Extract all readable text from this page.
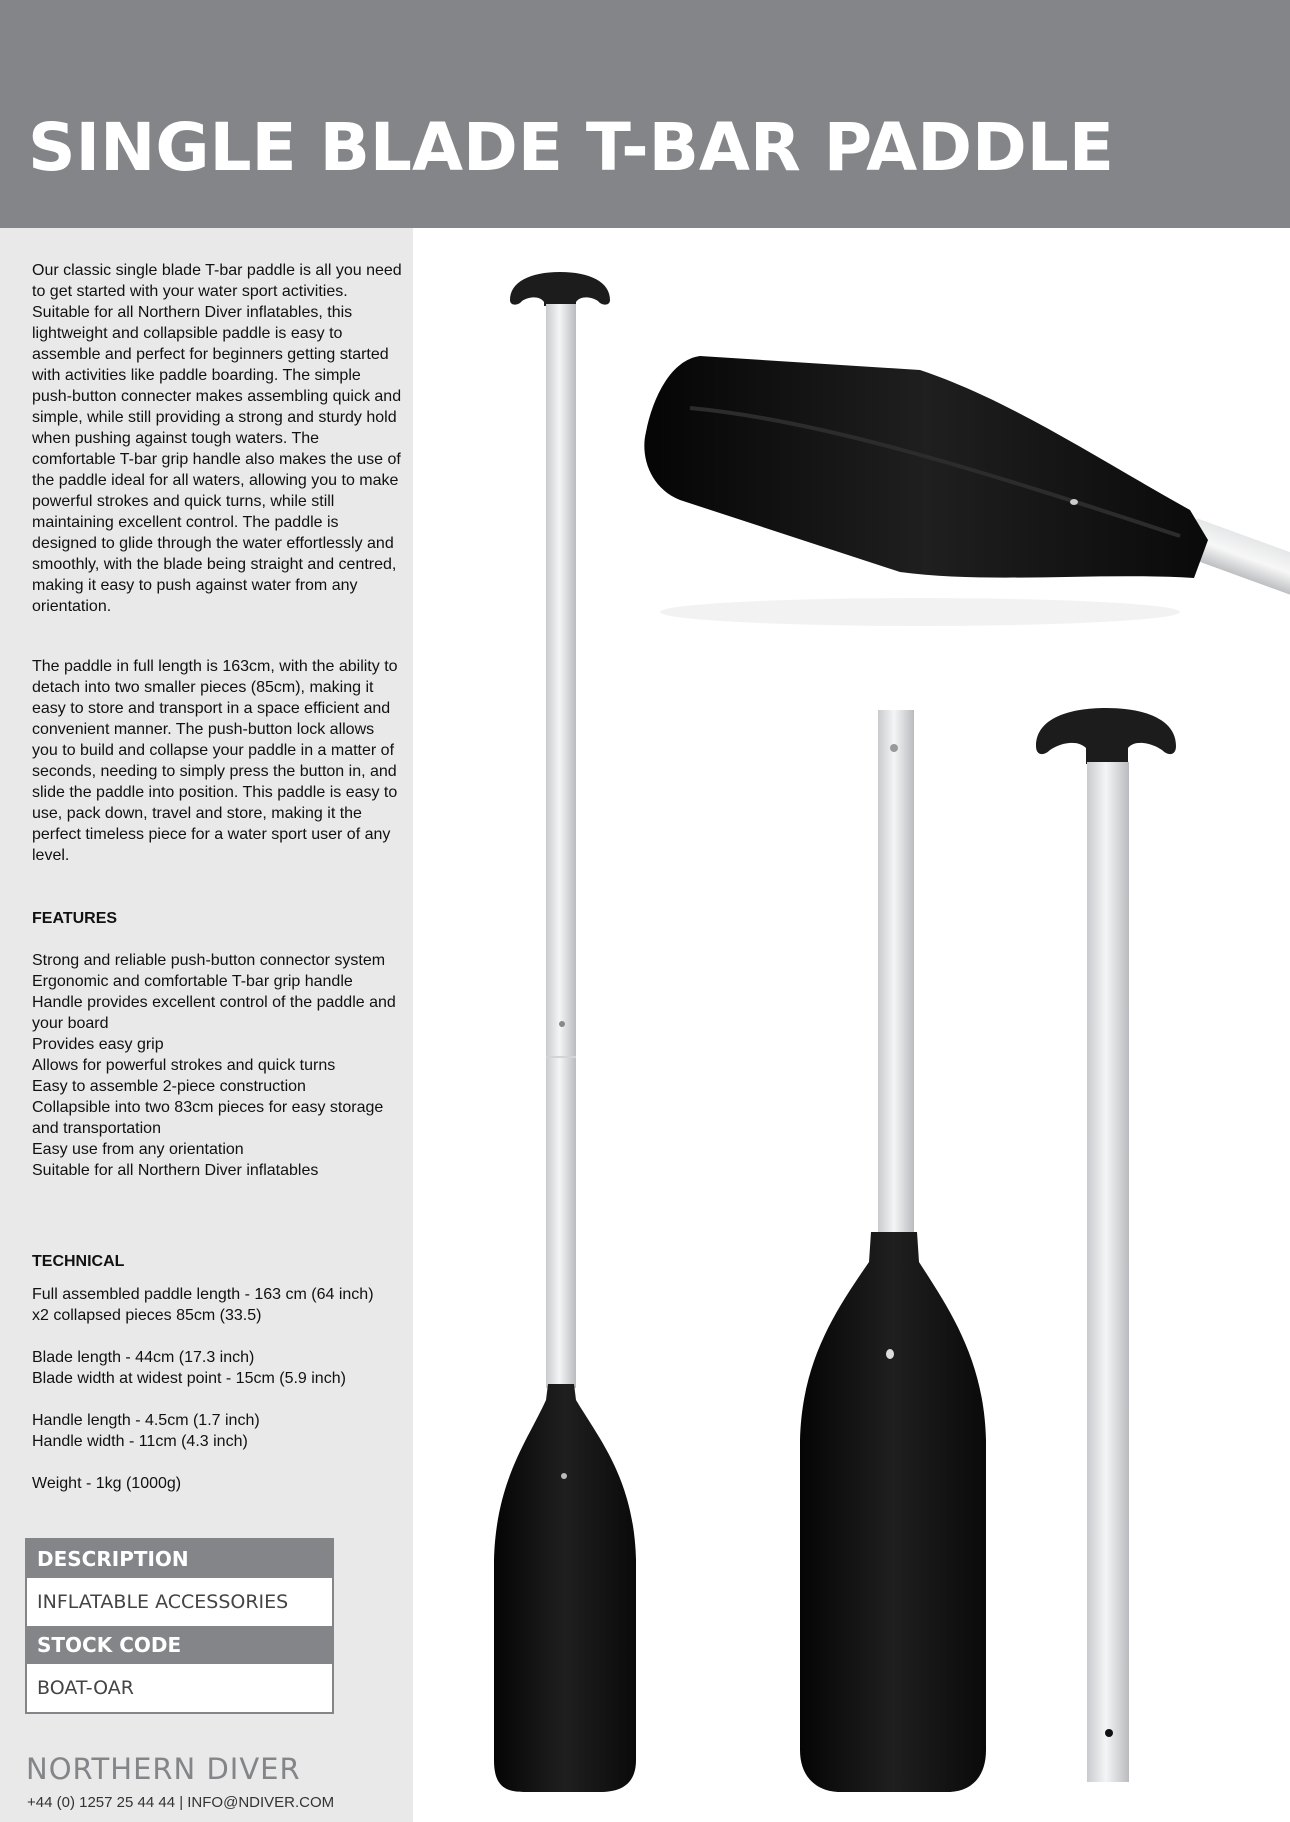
SINGLE BLADE T-BAR PADDLE

Our classic single blade T-bar paddle is all you need to get started with your water sport activities. Suitable for all Northern Diver inflatables, this lightweight and collapsible paddle is easy to assemble and perfect for beginners getting started with activities like paddle boarding. The simple push-button connecter makes assembling quick and simple, while still providing a strong and sturdy hold when pushing against tough waters. The comfortable T-bar grip handle also makes the use of the paddle ideal for all waters, allowing you to make powerful strokes and quick turns, while still maintaining excellent control. The paddle is designed to glide through the water effortlessly and smoothly, with the blade being straight and centred, making it easy to push against water from any orientation.

The paddle in full length is 163cm, with the ability to detach into two smaller pieces (85cm), making it easy to store and transport in a space efficient and convenient manner. The push-button lock allows you to build and collapse your paddle in a matter of seconds, needing to simply press the button in, and slide the paddle into position. This paddle is easy to use, pack down, travel and store, making it the perfect timeless piece for a water sport user of any level.

FEATURES
Strong and reliable push-button connector system
Ergonomic and comfortable T-bar grip handle
Handle provides excellent control of the paddle and your board
Provides easy grip
Allows for powerful strokes and quick turns
Easy to assemble 2-piece construction
Collapsible into two 83cm pieces for easy storage and transportation
Easy use from any orientation
Suitable for all Northern Diver inflatables
TECHNICAL

Full assembled paddle length - 163 cm (64 inch)

x2 collapsed pieces 85cm (33.5)

Blade length - 44cm (17.3 inch)

Blade width at widest point - 15cm (5.9 inch)

Handle length - 4.5cm (1.7 inch)

Handle width - 11cm (4.3 inch)

Weight - 1kg (1000g)

DESCRIPTION
INFLATABLE ACCESSORIES
STOCK CODE
BOAT-OAR
NORTHERN DIVER
+44 (0) 1257 25 44 44 | INFO@NDIVER.COM
